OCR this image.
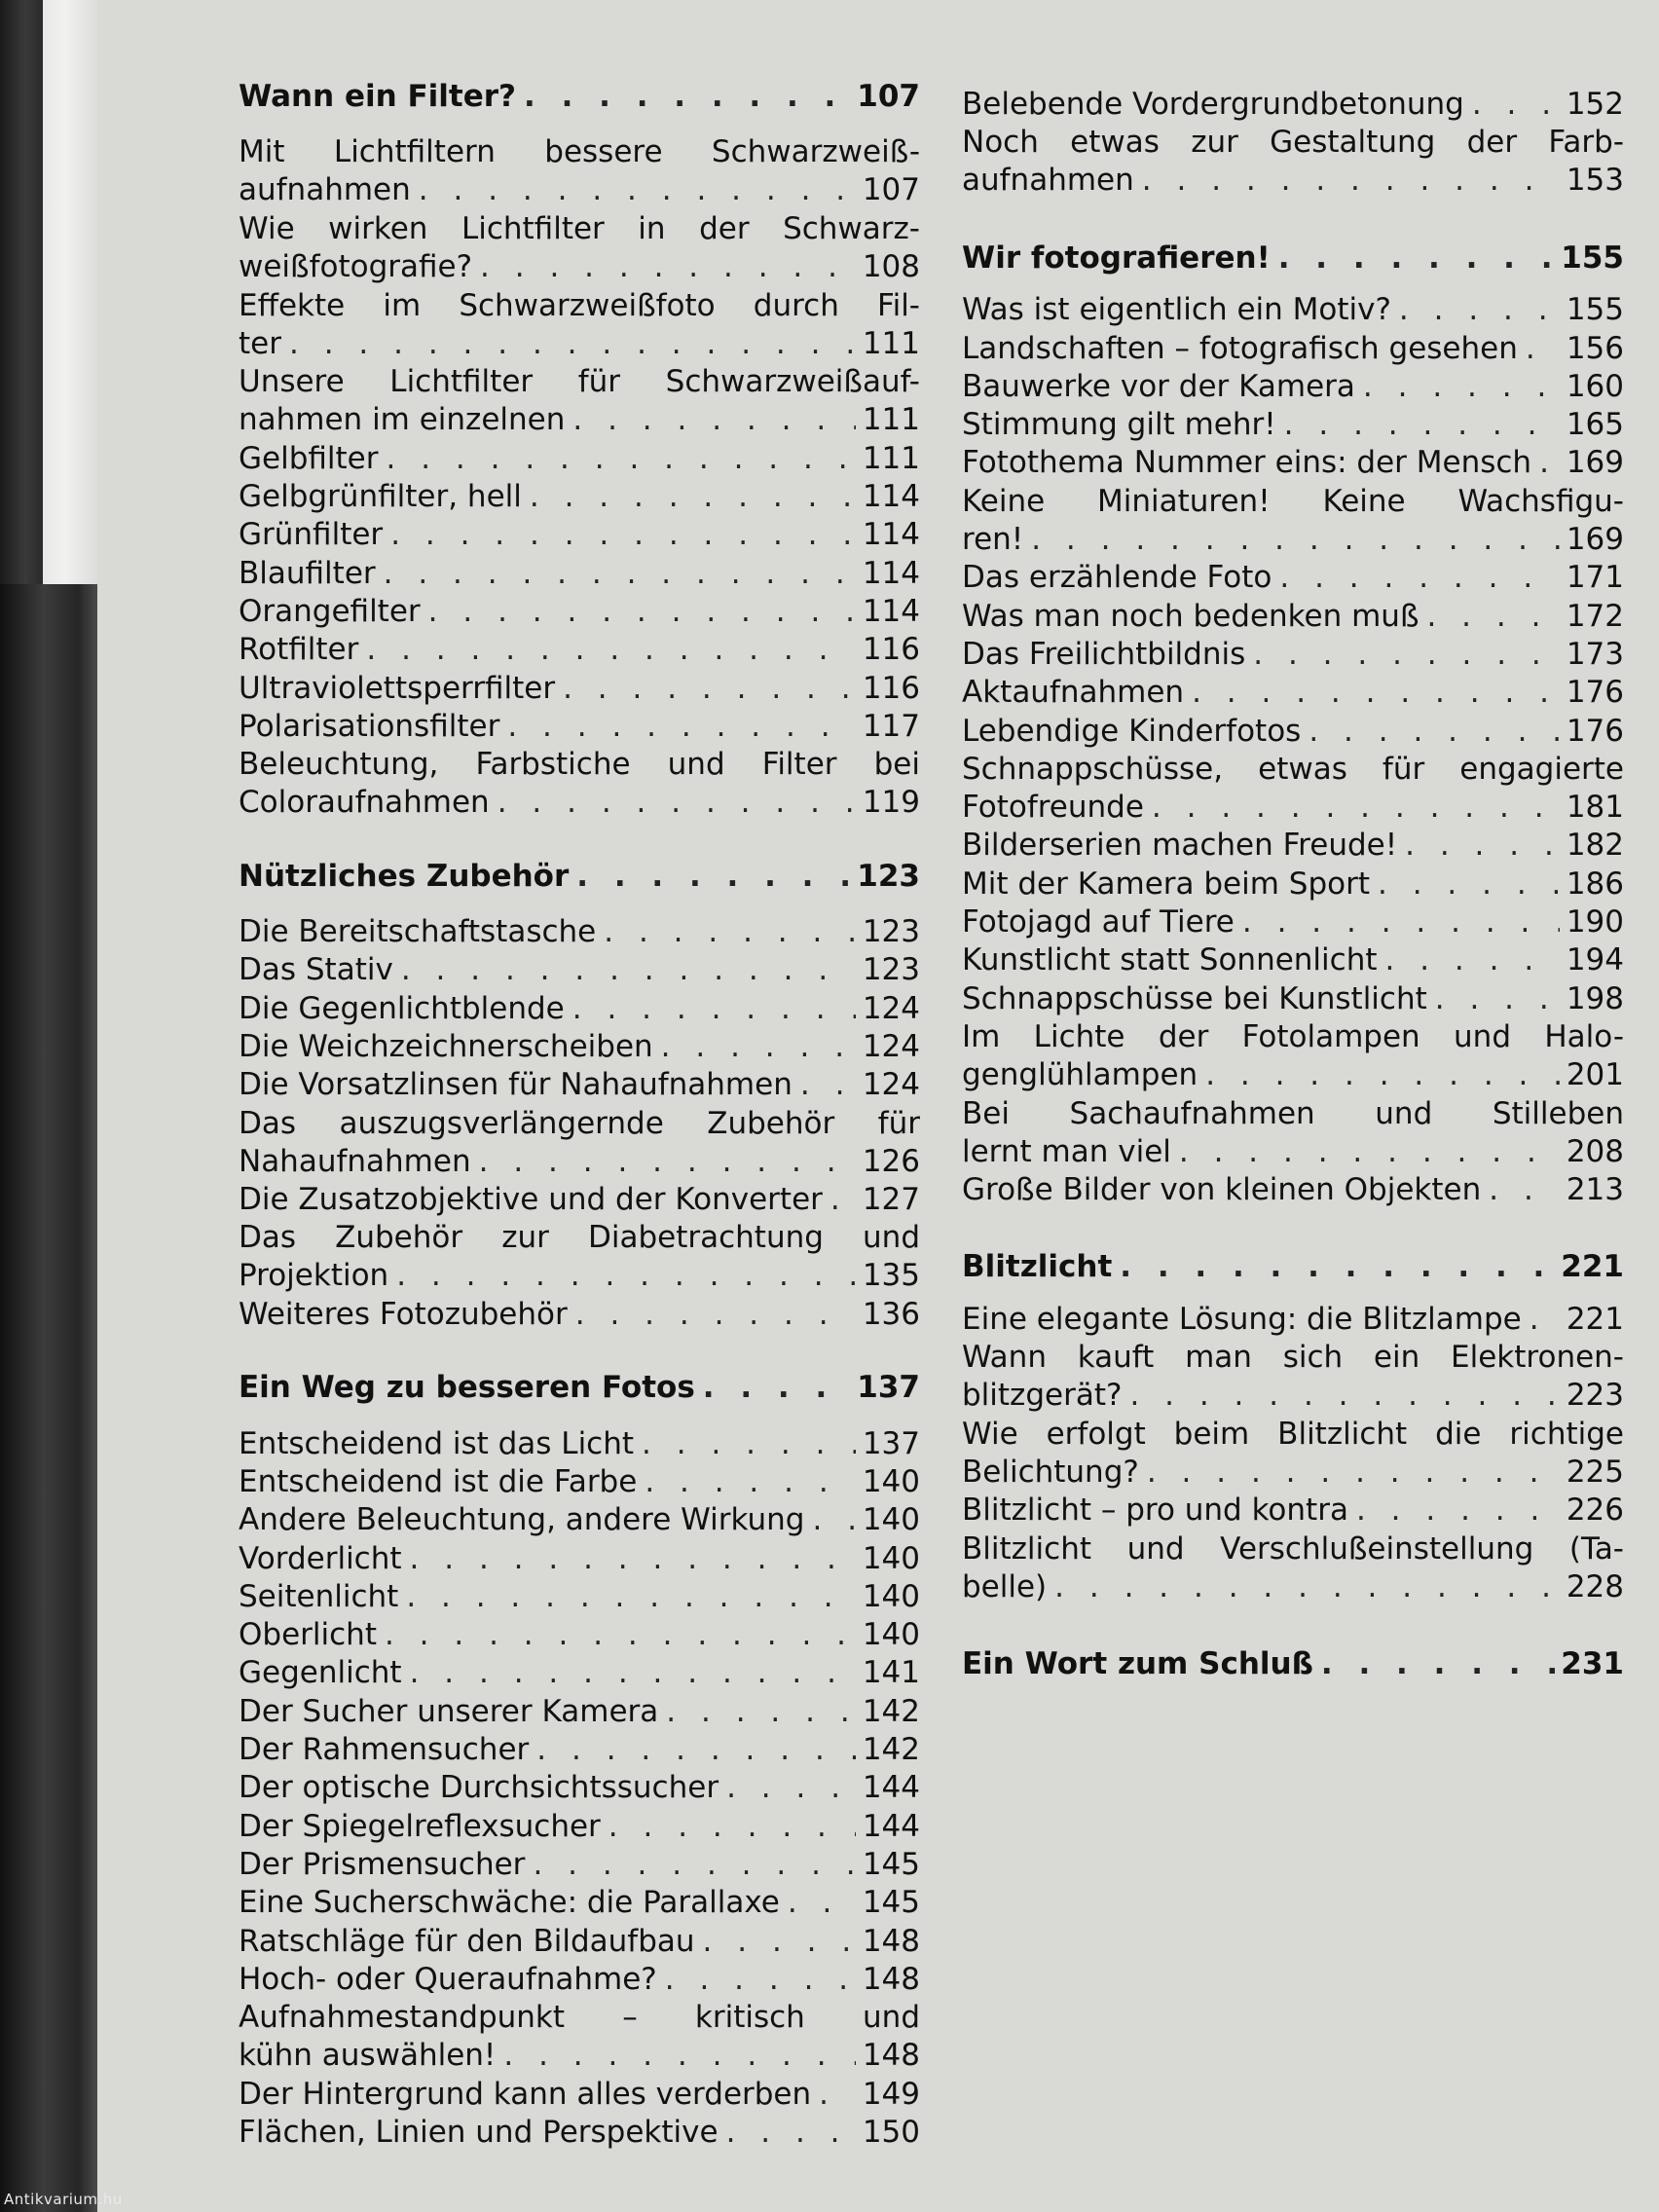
Wann ein Filter? . . .	107
Mit Lichtfiltern bessere Schwarzweiß-
aufnahmen . . .	107
Wie wirken Lichtfilter in der Schwarz-
weißfotografie? . . .	108
Effekte im Schwarzweißfoto durch Fil-
ter . . .	111
Unsere Lichtfilter für Schwarzweißauf-
nahmen im einzelnen . . .	111
Gelbfilter . . .	111
Gelbgrünfilter, hell . . .	114
Grünfilter . . .	114
Blaufilter . . .	114
Orangefilter . . .	114
Rotfilter . . .	116
Ultraviolettsperrfilter . . .	116
Polarisationsfilter . . .	117
Beleuchtung, Farbstiche und Filter bei
Coloraufnahmen . . .	119
Nützliches Zubehör . . .	123
Die Bereitschaftstasche . . .	123
Das Stativ . . .	123
Die Gegenlichtblende . . .	124
Die Weichzeichnerscheiben . . .	124
Die Vorsatzlinsen für Nahaufnahmen . . . 124
Das auszugsverlängernde Zubehör für
Nahaufnahmen . . .	126
Die Zusatzobjektive und der Konverter . . . 127
Das Zubehör zur Diabetrachtung und
Projektion . . .	135
Weiteres Fotozubehör . . .	136
Ein Weg zu besseren Fotos . . .	137
Entscheidend ist das Licht . . .	137
Entscheidend ist die Farbe . . .	140
Andere Beleuchtung, andere Wirkung . . . 140
Vorderlicht . . .	140
Seitenlicht . . .	140
Oberlicht . . .	140
Gegenlicht . . .	141
Der Sucher unserer Kamera . . .	142
Der Rahmensucher . . .	142
Der optische Durchsichtssucher . . .	144
Der Spiegelreflexsucher . . .	144
Der Prismensucher . . .	145
Eine Sucherschwäche: die Parallaxe . . .	145
Ratschläge für den Bildaufbau . . .	148
Hoch- oder Queraufnahme? . . .	148
Aufnahmestandpunkt – kritisch und
kühn auswählen! . . .	148
Der Hintergrund kann alles verderben . . . 149
Flächen, Linien und Perspektive . . .	150
Belebende Vordergrundbetonung . . .	152
Noch etwas zur Gestaltung der Farb-
aufnahmen . . .	153
Wir fotografieren! . . .	155
Was ist eigentlich ein Motiv? . . .	155
Landschaften – fotografisch gesehen . . . 156
Bauwerke vor der Kamera . . .	160
Stimmung gilt mehr! . . .	165
Fotothema Nummer eins: der Mensch . . . 169
Keine Miniaturen! Keine Wachsfigu-
ren! . . .	169
Das erzählende Foto . . .	171
Was man noch bedenken muß . . .	172
Das Freilichtbildnis . . .	173
Aktaufnahmen . . .	176
Lebendige Kinderfotos . . .	176
Schnappschüsse, etwas für engagierte
Fotofreunde . . .	181
Bilderserien machen Freude! . . .	182
Mit der Kamera beim Sport . . .	186
Fotojagd auf Tiere . . .	190
Kunstlicht statt Sonnenlicht . . .	194
Schnappschüsse bei Kunstlicht . . .	198
Im Lichte der Fotolampen und Halo-
genglühlampen . . .	201
Bei Sachaufnahmen und Stilleben
lernt man viel . . .	208
Große Bilder von kleinen Objekten . . .	213
Blitzlicht . . .	221
Eine elegante Lösung: die Blitzlampe . . . 221
Wann kauft man sich ein Elektronen-
blitzgerät? . . .	223
Wie erfolgt beim Blitzlicht die richtige
Belichtung? . . .	225
Blitzlicht – pro und kontra . . .	226
Blitzlicht und Verschlußeinstellung (Ta-
belle) . . .	228
Ein Wort zum Schluß . . .	231
Antikvarium.hu
